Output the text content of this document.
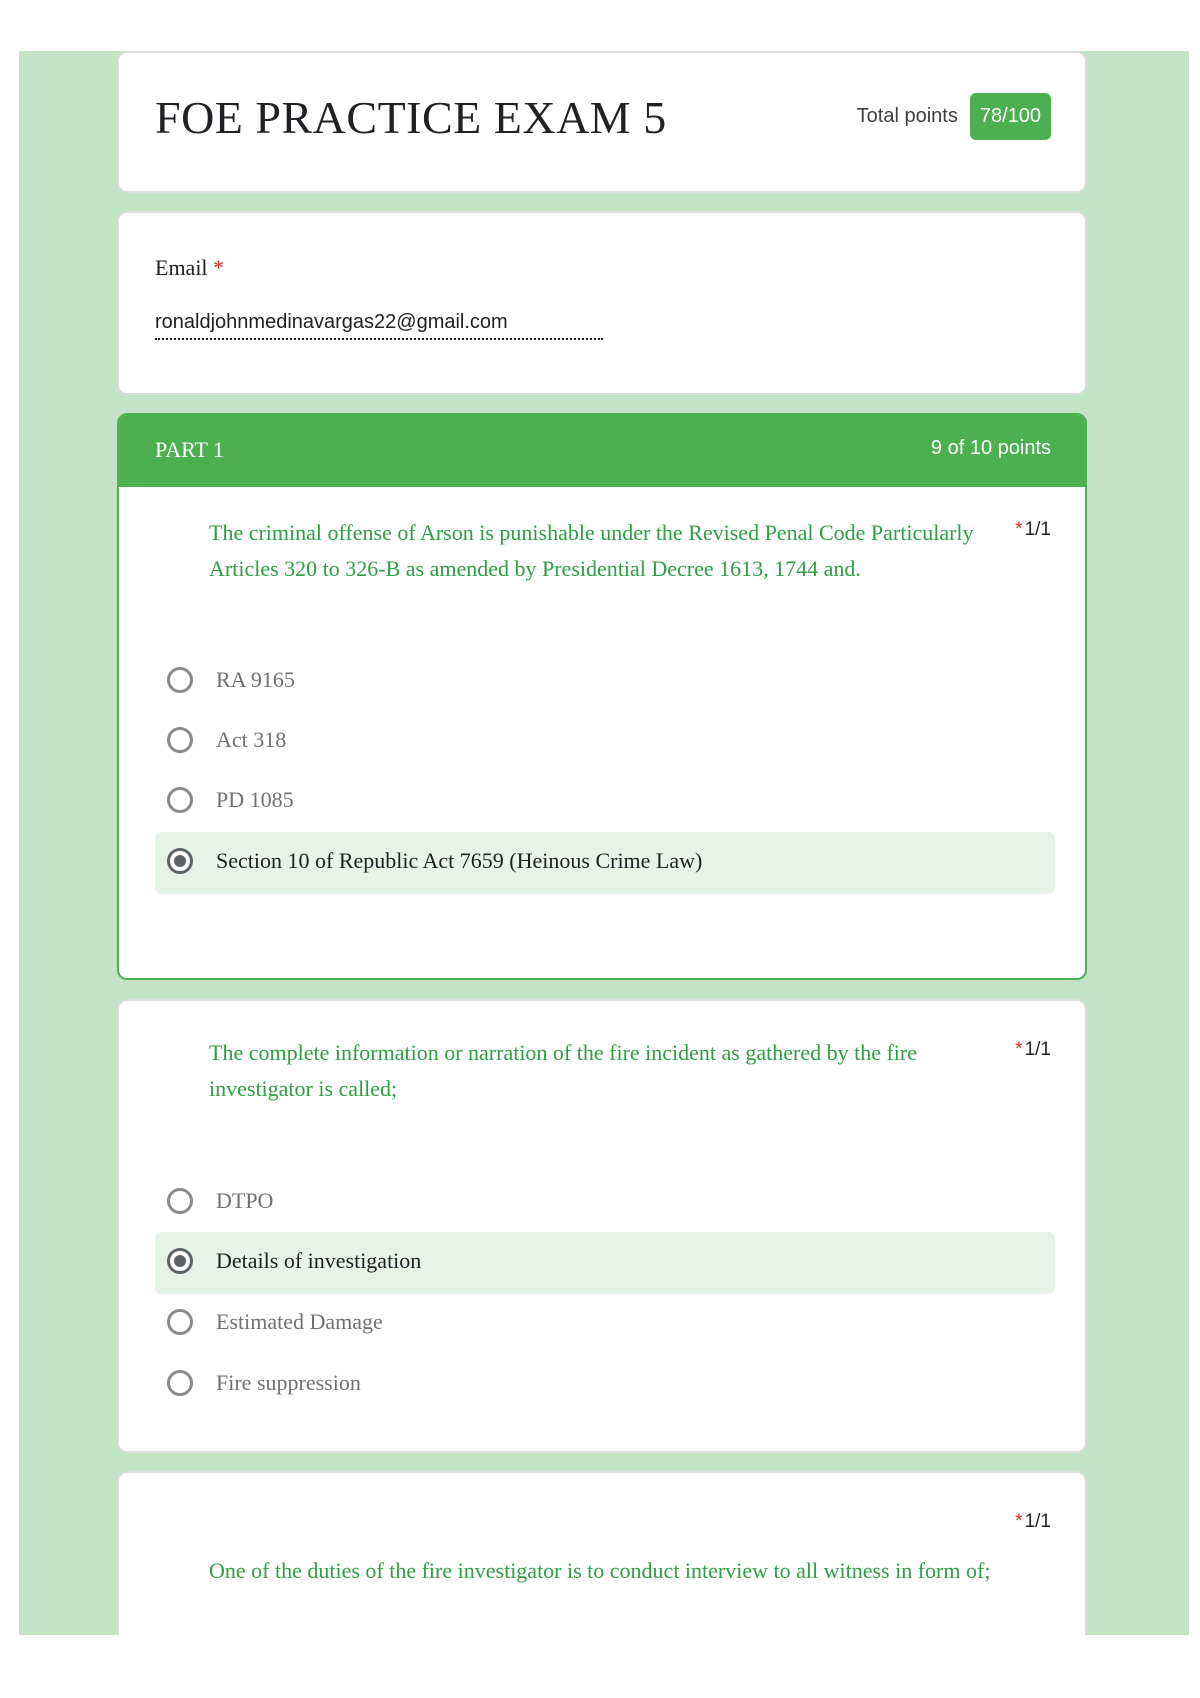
FOE PRACTICE EXAM 5	Total points	78/100
Email *
ronaldjohnmedinavargas22@gmail.com
PART 1	9 of 10 points

The criminal offense of Arson is punishable under the Revised Penal Code Particularly Articles 320 to 326-B as amended by Presidential Decree 1613, 1744 and.

* 1/1
RA 9165
Act 318
PD 1085
Section 10 of Republic Act 7659 (Heinous Crime Law)

The complete information or narration of the fire incident as gathered by the fire investigator is called;

* 1/1
DTPO
Details of investigation
Estimated Damage
Fire suppression
* 1/1

One of the duties of the fire investigator is to conduct interview to all witness in form of;
